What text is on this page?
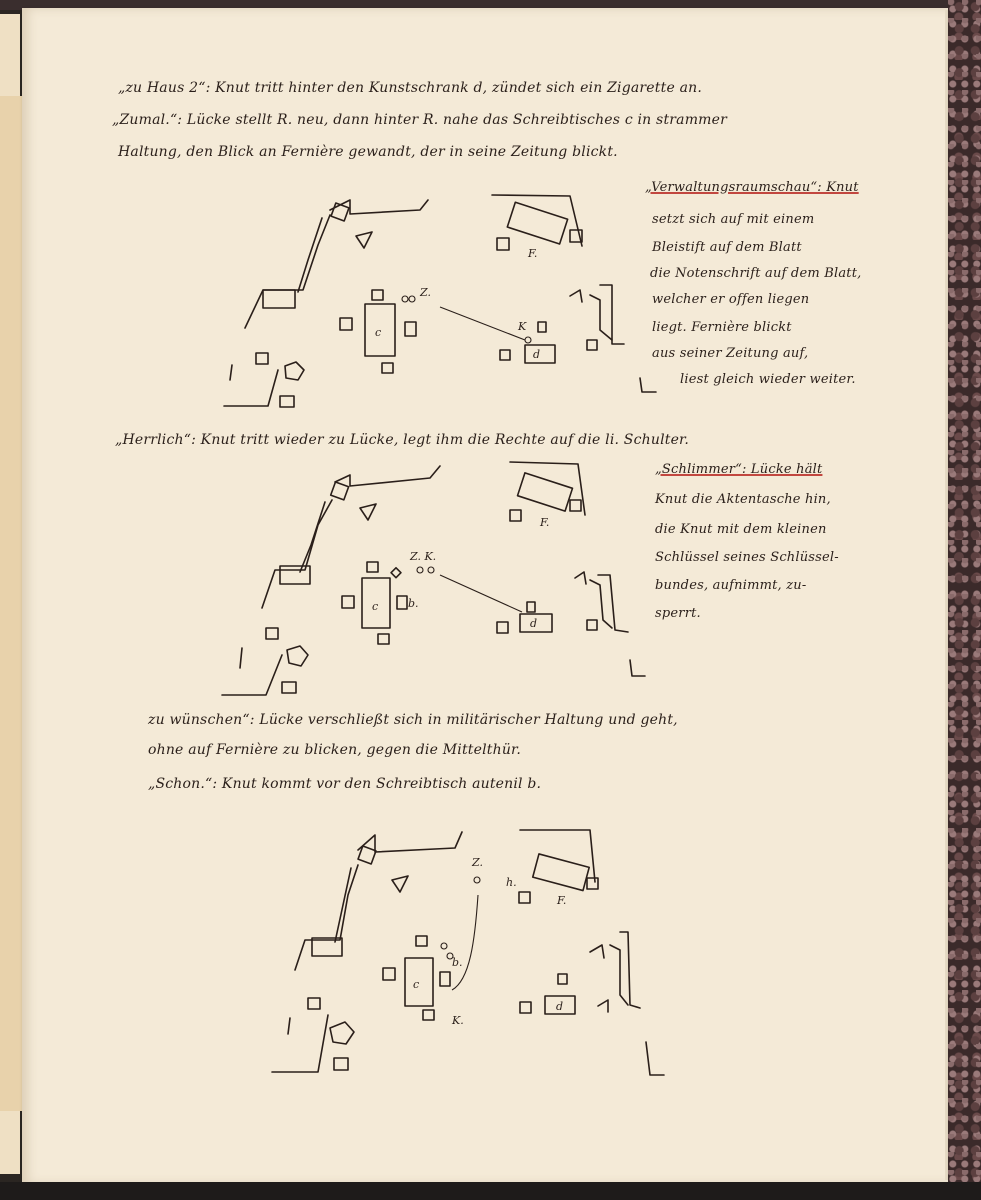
„zu Haus 2“: Knut tritt hinter den Kunstschrank d, zündet sich ein Zigarette an.
„Zumal.“: Lücke stellt R. neu, dann hinter R. nahe das Schreibtisches c in strammer
Haltung, den Blick an Fernière gewandt, der in seine Zeitung blickt.
„Verwaltungsraumschau“: Knut
setzt sich auf mit einem
Bleistift auf dem Blatt
die Notenschrift auf dem Blatt,
welcher er offen liegen
liegt. Fernière blickt
aus seiner Zeitung auf,
liest gleich wieder weiter.
F.
c
Z.
K
d
„Herrlich“: Knut tritt wieder zu Lücke, legt ihm die Rechte auf die li. Schulter.
„Schlimmer“: Lücke hält
Knut die Aktentasche hin,
die Knut mit dem kleinen
Schlüssel seines Schlüssel-
bundes, aufnimmt, zu-
sperrt.
F.
c	b.
Z. K.
d
zu wünschen“: Lücke verschließt sich in militärischer Haltung und geht,
ohne auf Fernière zu blicken, gegen die Mittelthür.
„Schon.“: Knut kommt vor den Schreibtisch autenil b.
h.
F.
Z.
c
b.
K.
d
